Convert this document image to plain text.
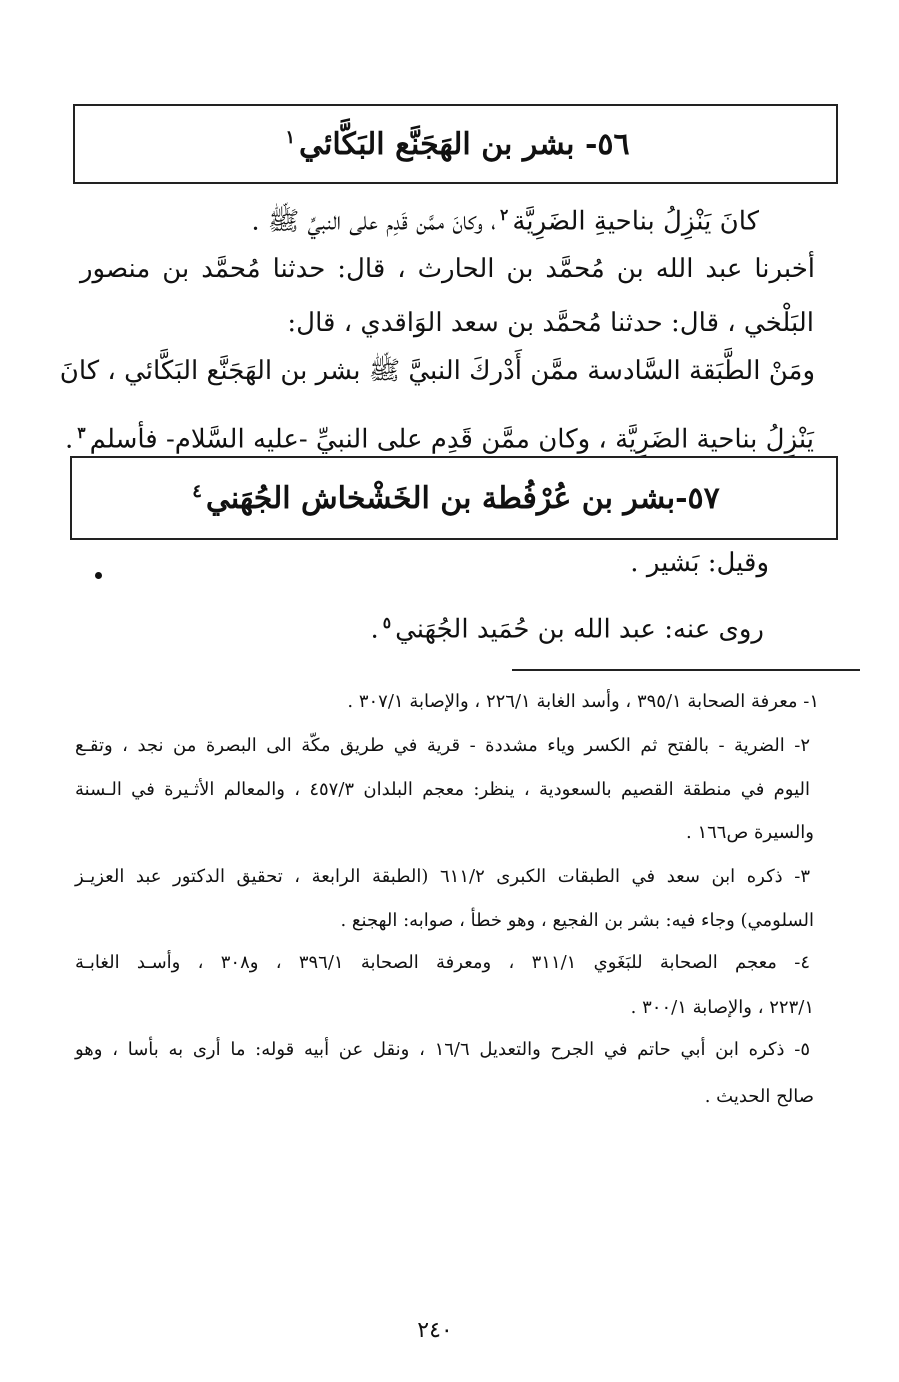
٥٦- بشر بن الهَجَنَّع البَكَّائي$^١$
كانَ يَنْزِلُ بناحيةِ الضَرِيَّة$^٢$، وكانَ ممَّن قَدِم على النبيِّ ﷺ .
أخبرنا عبد الله بن مُحمَّد بن الحارث ، قال: حدثنا مُحمَّد بن منصور
البَلْخي ، قال: حدثنا مُحمَّد بن سعد الوَاقدي ، قال:
ومَنْ الطَّبَقة السَّادسة ممَّن أَدْركَ النبيَّ ﷺ بشر بن الهَجَنَّع البَكَّائي ، كانَ
يَنْزِلُ بناحية الضَرِيَّة ، وكان ممَّن قَدِم على النبيِّ -عليه السَّلام- فأسلم$^٣$.
٥٧-بشر بن عُرْفُطة بن الخَشْخاش الجُهَني$^٤$
وقيل: بَشير .
روى عنه: عبد الله بن حُمَيد الجُهَني$^٥$.
١- معرفة الصحابة ٣٩٥/١ ، وأسد الغابة ٢٢٦/١ ، والإصابة ٣٠٧/١ .
٢- الضرية - بالفتح ثم الكسر وياء مشددة - قرية في طريق مكّة الى البصرة من نجد ، وتقـع
اليوم في منطقة القصيم بالسعودية ، ينظر: معجم البلدان ٤٥٧/٣ ، والمعالم الأثـيرة في الـسنة
والسيرة ص١٦٦ .
٣- ذكره ابن سعد في الطبقات الكبرى ٦١١/٢ (الطبقة الرابعة ، تحقيق الدكتور عبد العزيـز
السلومي) وجاء فيه: بشر بن الفجيع ، وهو خطأ ، صوابه: الهجنع .
٤- معجم الصحابة للبَغَوي ٣١١/١ ، ومعرفة الصحابة ٣٩٦/١ ، و٣٠٨ ، وأسـد الغابـة
٢٢٣/١ ، والإصابة ٣٠٠/١ .
٥- ذكره ابن أبي حاتم في الجرح والتعديل ١٦/٦ ، ونقل عن أبيه قوله: ما أرى به بأسا ، وهو
صالح الحديث .
٢٤٠
